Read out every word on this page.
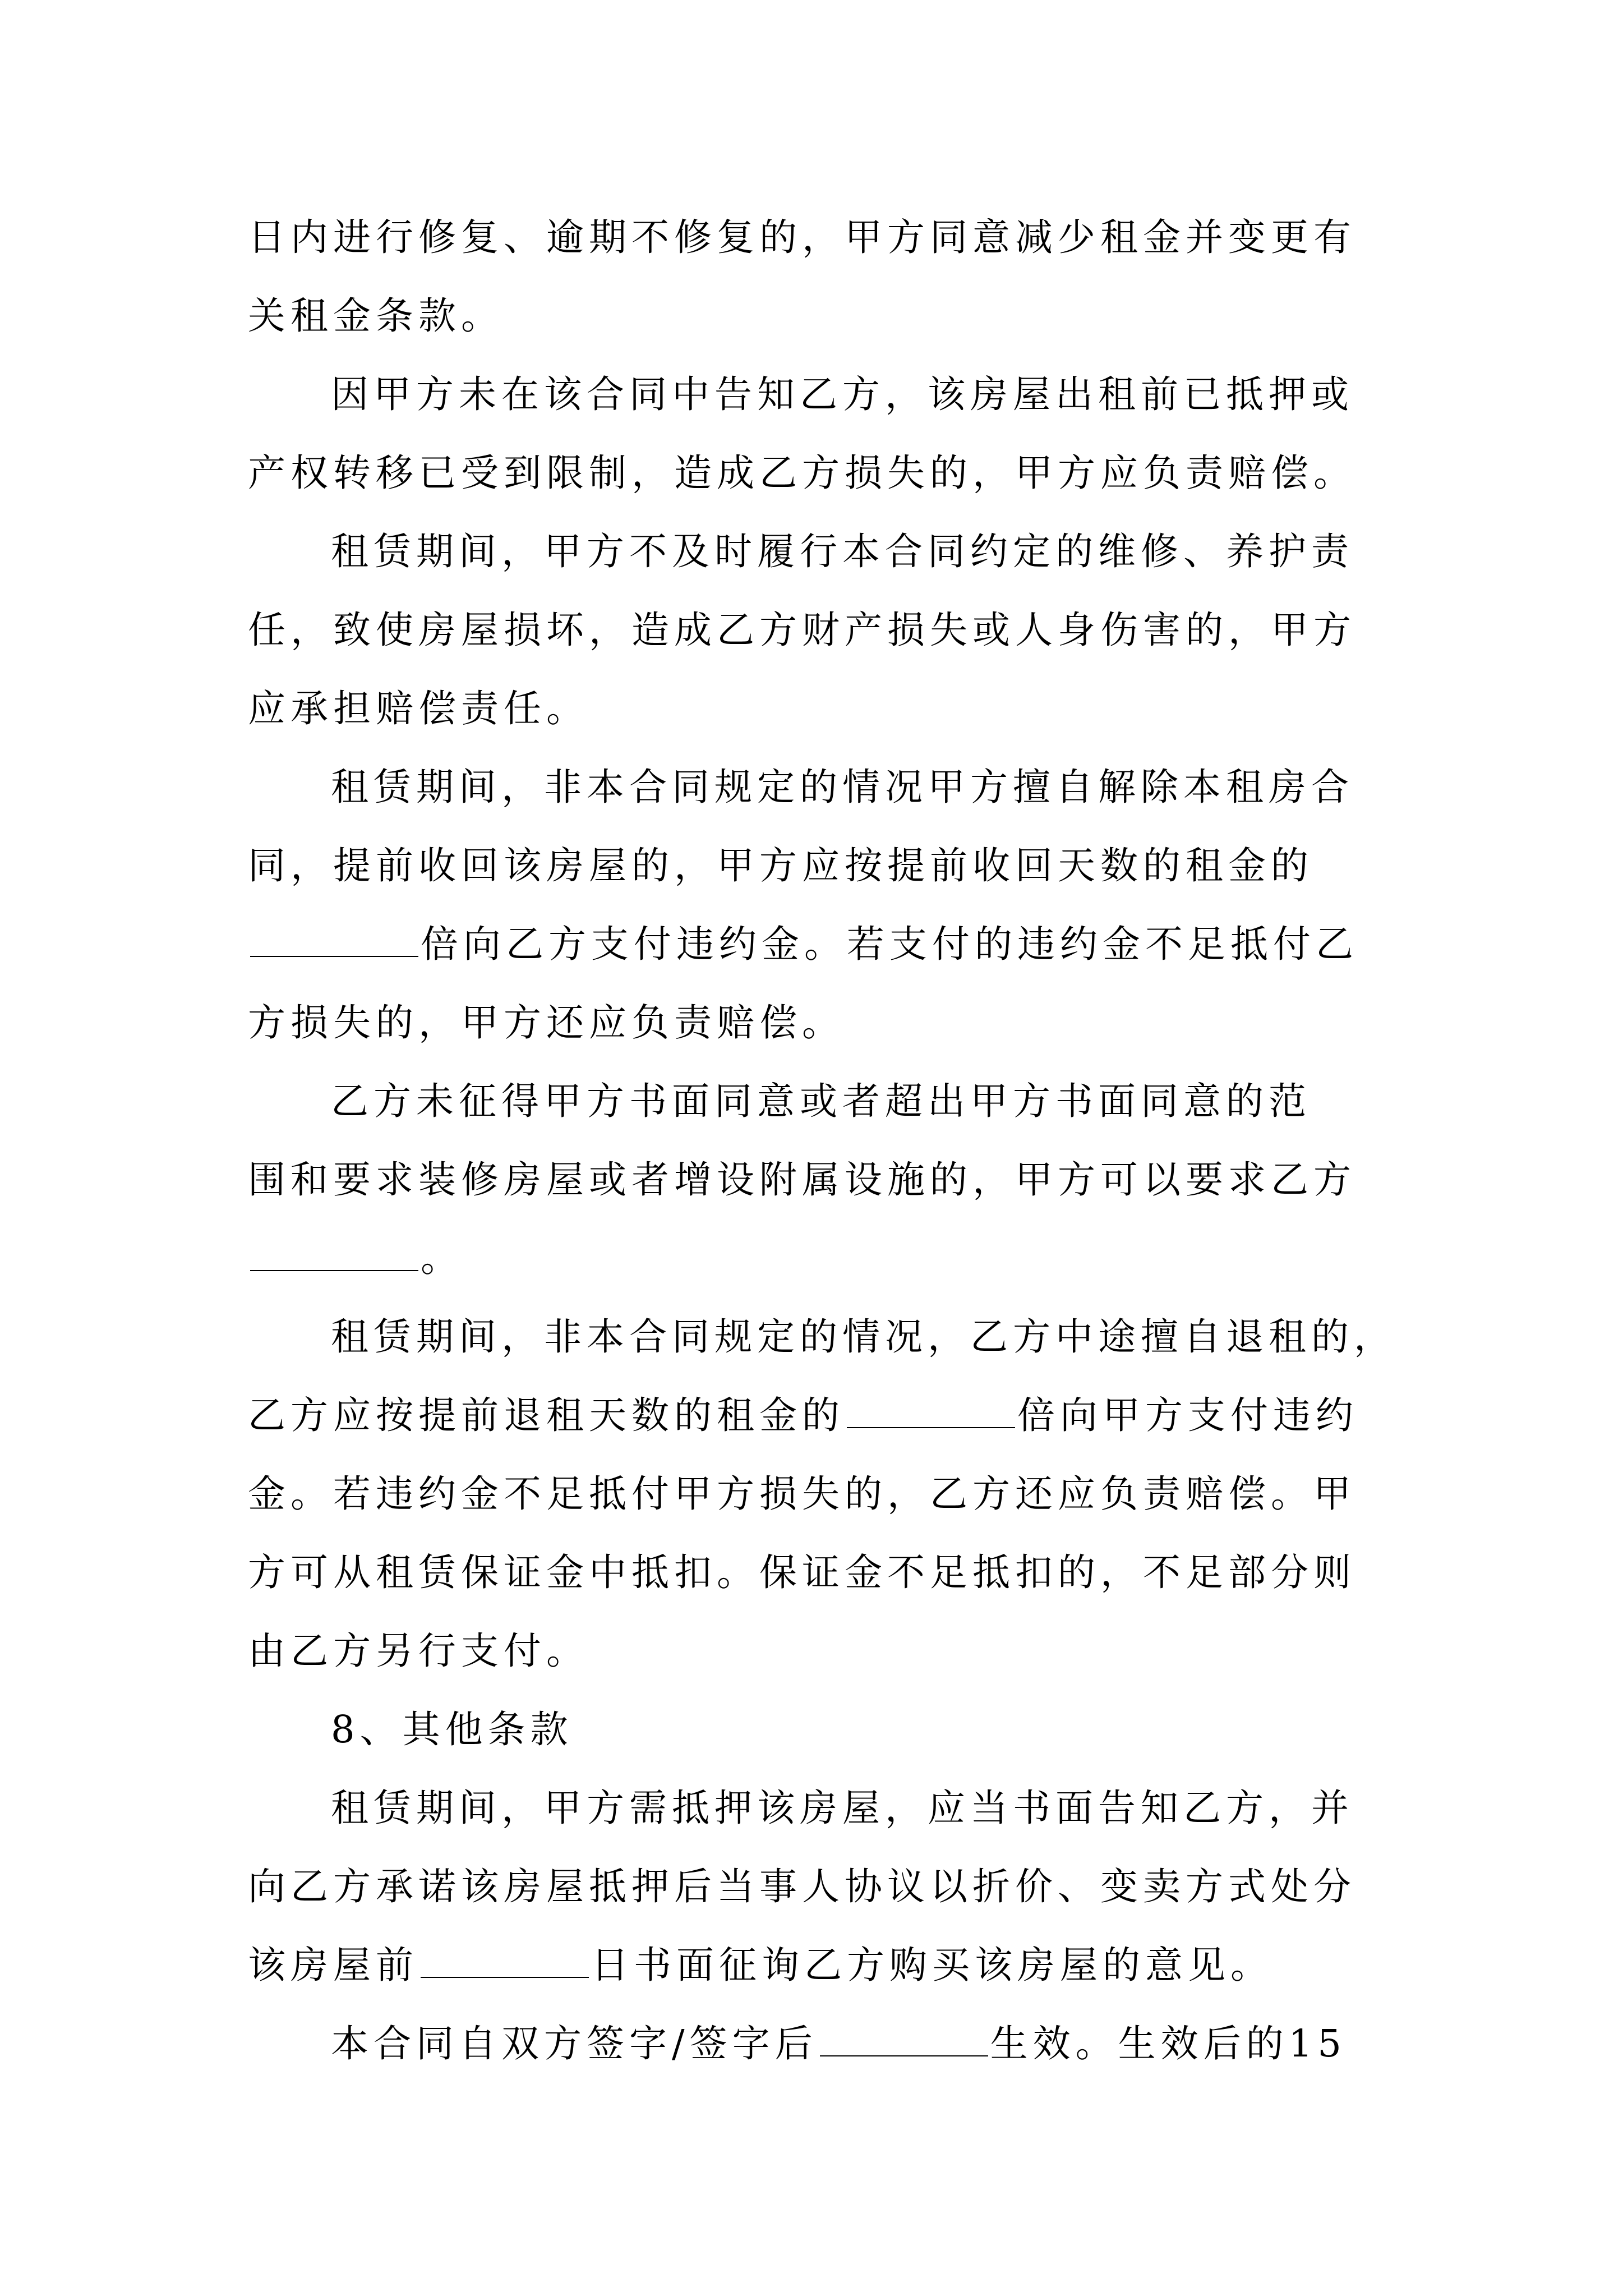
日内进行修复、逾期不修复的，甲方同意减少租金并变更有
关租金条款。
因甲方未在该合同中告知乙方，该房屋出租前已抵押或
产权转移已受到限制，造成乙方损失的，甲方应负责赔偿。
租赁期间，甲方不及时履行本合同约定的维修、养护责
任，致使房屋损坏，造成乙方财产损失或人身伤害的，甲方
应承担赔偿责任。
租赁期间，非本合同规定的情况甲方擅自解除本租房合
同，提前收回该房屋的，甲方应按提前收回天数的租金的
倍向乙方支付违约金。若支付的违约金不足抵付乙
方损失的，甲方还应负责赔偿。
乙方未征得甲方书面同意或者超出甲方书面同意的范
围和要求装修房屋或者增设附属设施的，甲方可以要求乙方
。
租赁期间，非本合同规定的情况，乙方中途擅自退租的，
乙方应按提前退租天数的租金的	倍向甲方支付违约
金。若违约金不足抵付甲方损失的，乙方还应负责赔偿。甲
方可从租赁保证金中抵扣。保证金不足抵扣的，不足部分则
由乙方另行支付。
8、其他条款
租赁期间，甲方需抵押该房屋，应当书面告知乙方，并
向乙方承诺该房屋抵押后当事人协议以折价、变卖方式处分
该房屋前	日书面征询乙方购买该房屋的意见。
本合同自双方签字/签字后	生效。生效后的15
